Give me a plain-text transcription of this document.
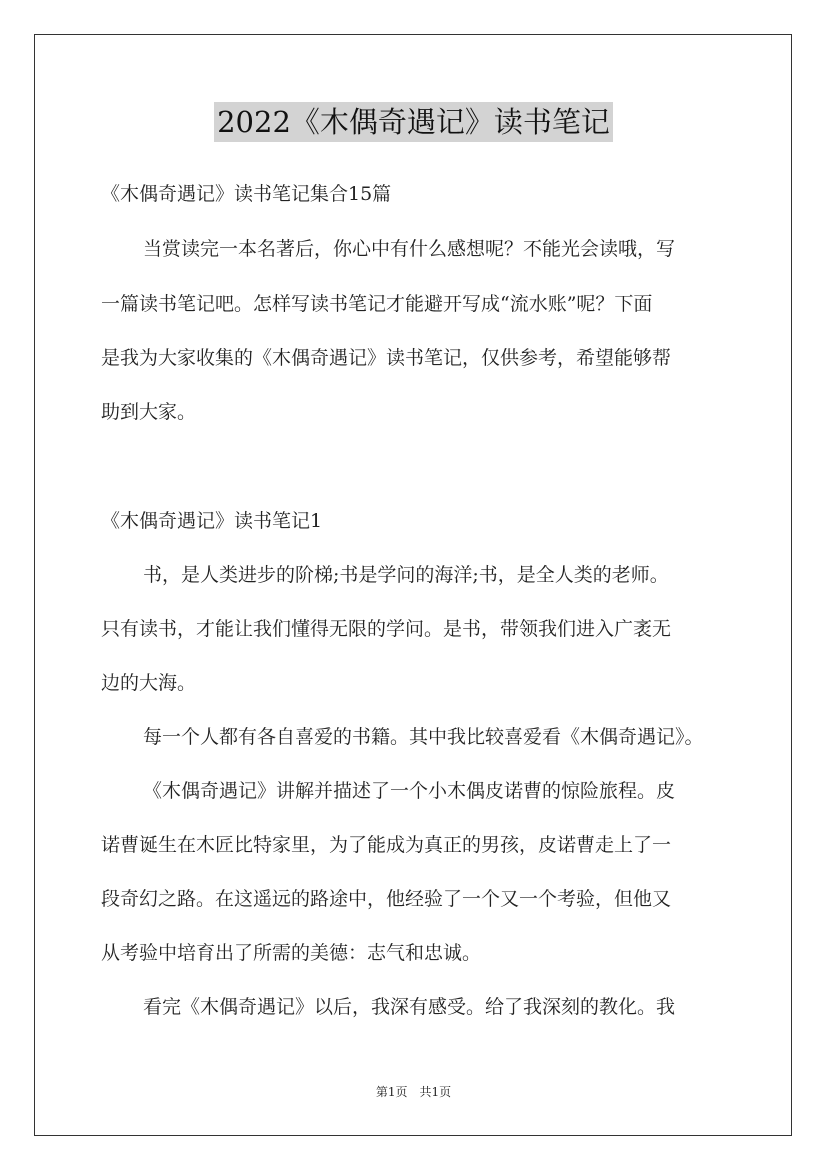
2022《木偶奇遇记》读书笔记
《木偶奇遇记》读书笔记集合15篇
当赏读完一本名著后，你心中有什么感想呢？不能光会读哦，写
一篇读书笔记吧。怎样写读书笔记才能避开写成“流水账”呢？下面
是我为大家收集的《木偶奇遇记》读书笔记，仅供参考，希望能够帮
助到大家。
《木偶奇遇记》读书笔记1
书，是人类进步的阶梯;书是学问的海洋;书，是全人类的老师。
只有读书，才能让我们懂得无限的学问。是书，带领我们进入广袤无
边的大海。
每一个人都有各自喜爱的书籍。其中我比较喜爱看《木偶奇遇记》。
《木偶奇遇记》讲解并描述了一个小木偶皮诺曹的惊险旅程。皮
诺曹诞生在木匠比特家里，为了能成为真正的男孩，皮诺曹走上了一
段奇幻之路。在这遥远的路途中，他经验了一个又一个考验，但他又
从考验中培育出了所需的美德：志气和忠诚。
看完《木偶奇遇记》以后，我深有感受。给了我深刻的教化。我
第1页　共1页
